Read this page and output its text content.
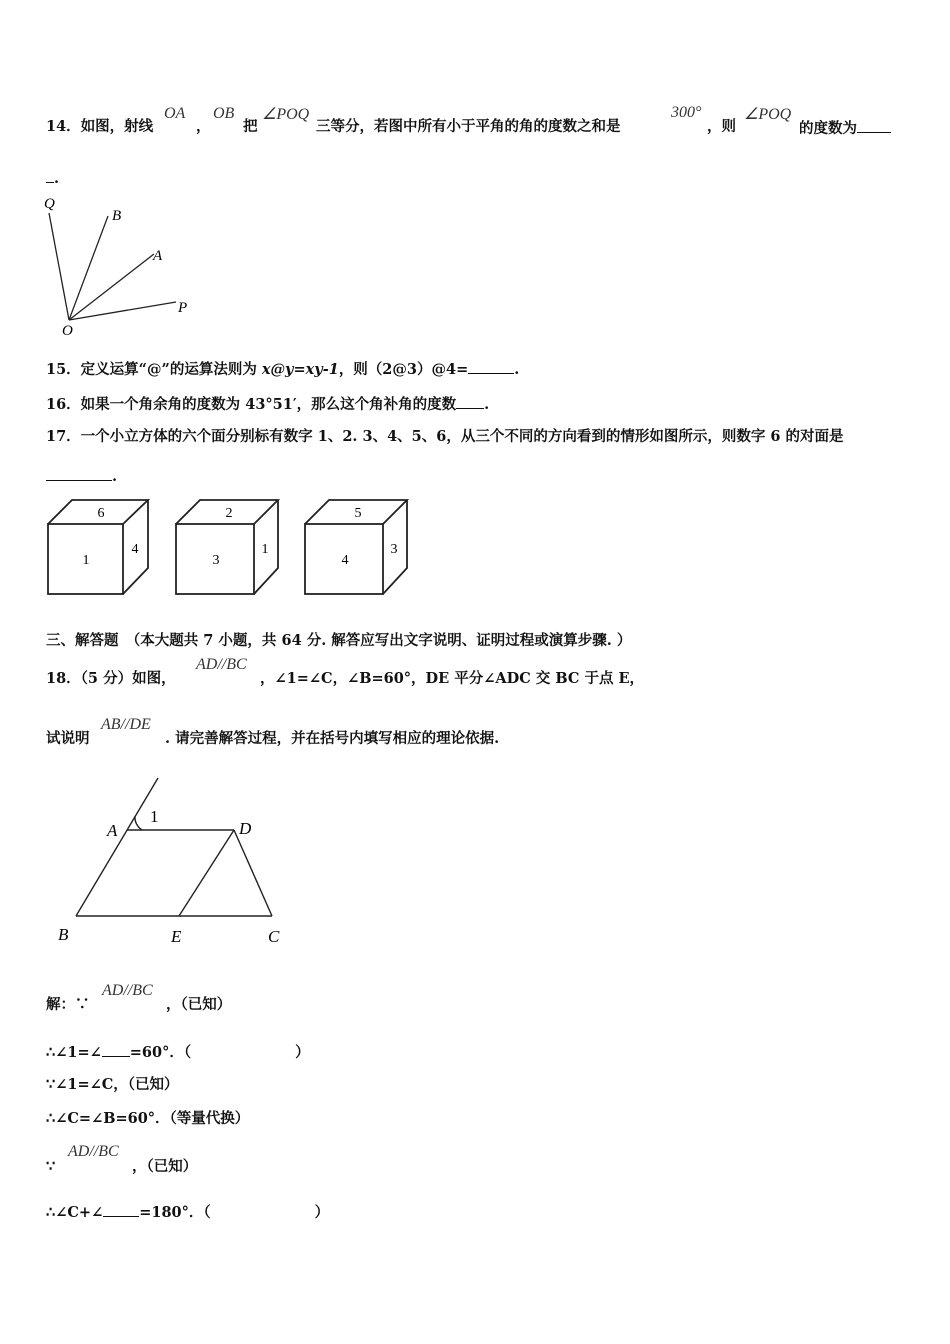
14．如图，射线
OA
，
OB
把
∠POQ
三等分，若图中所有小于平角的角的度数之和是
300°
，则
∠POQ
的度数为
.
Q
B
A
P
O
15．定义运算“@”的运算法则为 x@y=xy-1，则（2@3）@4=	.
16．如果一个角余角的度数为 43°51′，那么这个角补角的度数 .
17．一个小立方体的六个面分别标有数字 1、2. 3、4、5、6，从三个不同的方向看到的情形如图所示，则数字 6 的对面是
.
6
1
4
2
3
1
5
4
3
三、解答题　（本大题共 7 小题，共 64 分. 解答应写出文字说明、证明过程或演算步骤. ）
18．（5 分）如图，
AD//BC
，∠1=∠C，∠B=60°，DE 平分∠ADC 交 BC 于点 E，
试说明
AB//DE
. 请完善解答过程，并在括号内填写相应的理论依据.
1
A	D
B	E	C
解：∵
AD//BC
，（已知）
∴∠1=∠ =60°．（	）
∵∠1=∠C，（已知）
∴∠C=∠B=60°．（等量代换）
∵
AD//BC
，（已知）
∴∠C+∠ =180°．（	）
